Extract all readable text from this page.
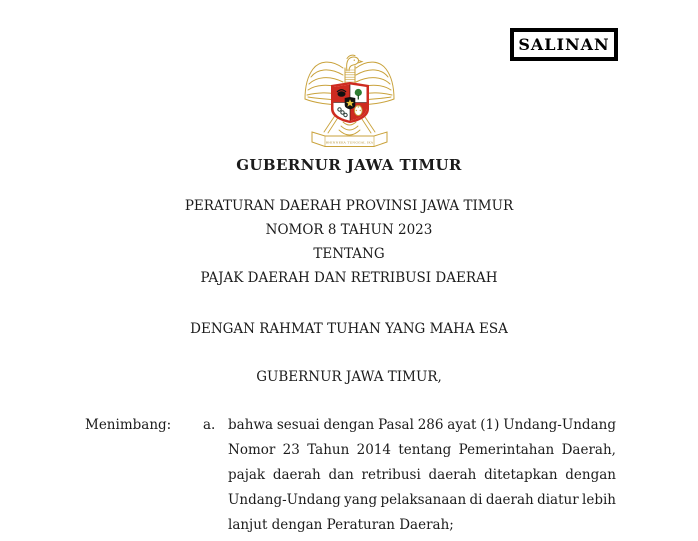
SALINAN
BHINNEKA TUNGGAL IKA
GUBERNUR JAWA TIMUR
PERATURAN DAERAH PROVINSI JAWA TIMUR
NOMOR 8 TAHUN 2023
TENTANG
PAJAK DAERAH DAN RETRIBUSI DAERAH
DENGAN RAHMAT TUHAN YANG MAHA ESA
GUBERNUR JAWA TIMUR,
Menimbang: a. bahwa sesuai dengan Pasal 286 ayat (1) Undang-Undang
Nomor 23 Tahun 2014 tentang Pemerintahan Daerah,
pajak daerah dan retribusi daerah ditetapkan dengan
Undang-Undang yang pelaksanaan di daerah diatur lebih
lanjut dengan Peraturan Daerah;
